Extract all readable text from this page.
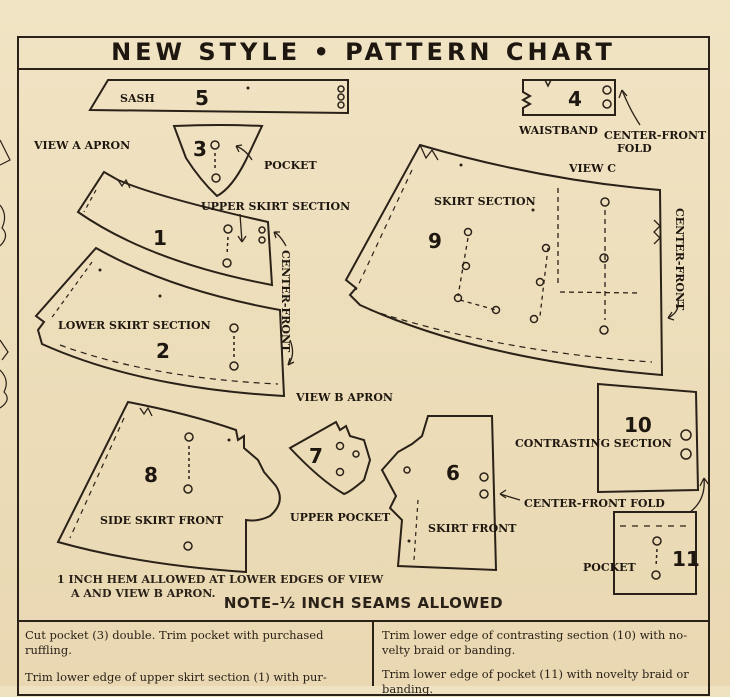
SASH 5	4
WAISTBAND CENTER-FRONT
FOLD
VIEW A APRON	3
POCKET
1
UPPER SKIRT SECTION
CENTER-FRONT
2
LOWER SKIRT SECTION
VIEW C
9
SKIRT SECTION
CENTER-FRONT
VIEW B APRON
8
SIDE SKIRT FRONT
7
UPPER POCKET
6
SKIRT FRONT
10
CONTRASTING SECTION
CENTER-FRONT FOLD
11
POCKET
NEW STYLE • PATTERN CHART
1 INCH HEM ALLOWED AT LOWER EDGES OF VIEW
A AND VIEW B APRON.
NOTE–½ INCH SEAMS ALLOWED

Cut pocket (3) double. Trim pocket with purchased ruffling.

Trim lower edge of upper skirt section (1) with pur-

Trim lower edge of contrasting section (10) with no-velty braid or banding.

Trim lower edge of pocket (11) with novelty braid or banding.
